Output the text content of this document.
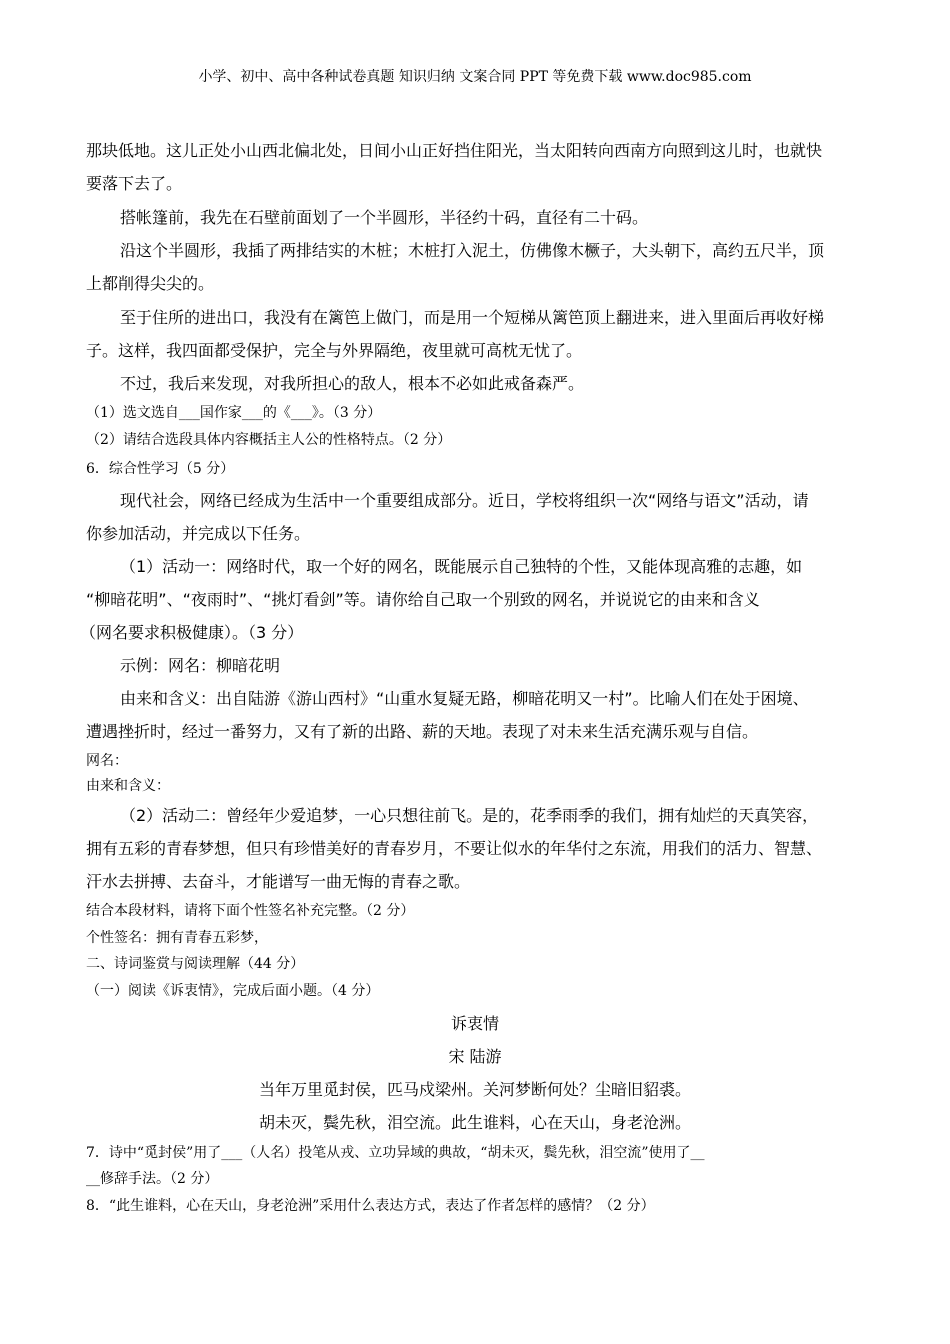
小学、初中、高中各种试卷真题 知识归纳 文案合同 PPT 等免费下载 www.doc985.com
那块低地。这儿正处小山西北偏北处，日间小山正好挡住阳光，当太阳转向西南方向照到这儿时，也就快
要落下去了。
搭帐篷前，我先在石壁前面划了一个半圆形，半径约十码，直径有二十码。
沿这个半圆形，我插了两排结实的木桩；木桩打入泥土，仿佛像木橛子，大头朝下，高约五尺半，顶
上都削得尖尖的。
至于住所的进出口，我没有在篱笆上做门，而是用一个短梯从篱笆顶上翻进来，进入里面后再收好梯
子。这样，我四面都受保护，完全与外界隔绝，夜里就可高枕无忧了。
不过，我后来发现，对我所担心的敌人，根本不必如此戒备森严。
（1）选文选自___国作家___的《___》。（3 分）
（2）请结合选段具体内容概括主人公的性格特点。（2 分）
6．综合性学习（5 分）
现代社会，网络已经成为生活中一个重要组成部分。近日，学校将组织一次“网络与语文”活动，请
你参加活动，并完成以下任务。
（1）活动一：网络时代，取一个好的网名，既能展示自己独特的个性，又能体现高雅的志趣，如
“柳暗花明”、“夜雨时”、“挑灯看剑”等。请你给自己取一个别致的网名，并说说它的由来和含义
（网名要求积极健康）。（3 分）
示例：网名：柳暗花明
由来和含义：出自陆游《游山西村》“山重水复疑无路，柳暗花明又一村”。比喻人们在处于困境、
遭遇挫折时，经过一番努力，又有了新的出路、薪的天地。表现了对未来生活充满乐观与自信。
网名：
由来和含义：
（2）活动二：曾经年少爱追梦，一心只想往前飞。是的，花季雨季的我们，拥有灿烂的天真笑容，
拥有五彩的青春梦想，但只有珍惜美好的青春岁月，不要让似水的年华付之东流，用我们的活力、智慧、
汗水去拼搏、去奋斗，才能谱写一曲无悔的青春之歌。
结合本段材料，请将下面个性签名补充完整。（2 分）
个性签名：拥有青春五彩梦，
二、诗词鉴赏与阅读理解（44 分）
（一）阅读《诉衷情》，完成后面小题。（4 分）
诉衷情
宋 陆游
当年万里觅封侯，匹马戍梁州。关河梦断何处？尘暗旧貂裘。
胡未灭，鬓先秋，泪空流。此生谁料，心在天山，身老沧洲。
7．诗中“觅封侯”用了___（人名）投笔从戎、立功异域的典故，“胡未灭，鬓先秋，泪空流”使用了__
__修辞手法。（2 分）
8．“此生谁料，心在天山，身老沧洲”采用什么表达方式，表达了作者怎样的感情？（2 分）
